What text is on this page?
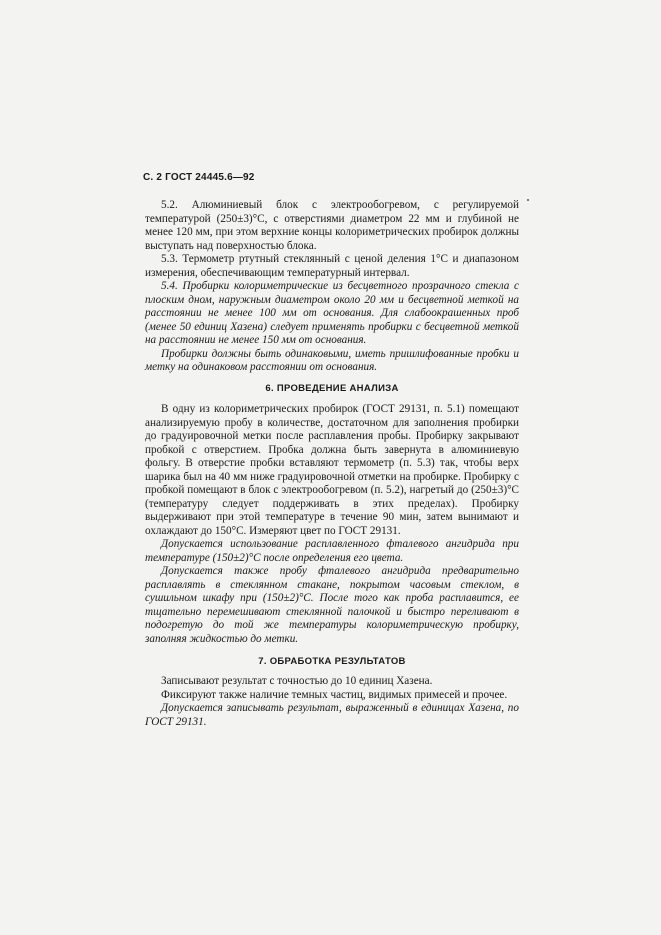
С. 2 ГОСТ 24445.6—92

5.2. Алюминиевый блок с электрообогревом, с регулируемой температурой (250±3)°С, с отверстиями диаметром 22 мм и глубиной не менее 120 мм, при этом верхние концы колориметрических пробирок должны выступать над поверхностью блока.

5.3. Термометр ртутный стеклянный с ценой деления 1°С и диапазоном измерения, обеспечивающим температурный интервал.

5.4. Пробирки колориметрические из бесцветного прозрачного стекла с плоским дном, наружным диаметром около 20 мм и бесцветной меткой на расстоянии не менее 100 мм от основания. Для слабоокрашенных проб (менее 50 единиц Хазена) следует применять пробирки с бесцветной меткой на расстоянии не менее 150 мм от основания.

Пробирки должны быть одинаковыми, иметь пришлифованные пробки и метку на одинаковом расстоянии от основания.

6. ПРОВЕДЕНИЕ АНАЛИЗА

В одну из колориметрических пробирок (ГОСТ 29131, п. 5.1) помещают анализируемую пробу в количестве, достаточном для заполнения пробирки до градуировочной метки после расплавления пробы. Пробирку закрывают пробкой с отверстием. Пробка должна быть завернута в алюминиевую фольгу. В отверстие пробки вставляют термометр (п. 5.3) так, чтобы верх шарика был на 40 мм ниже градуировочной отметки на пробирке. Пробирку с пробкой помещают в блок с электрообогревом (п. 5.2), нагретый до (250±3)°С (температуру следует поддерживать в этих пределах). Пробирку выдерживают при этой температуре в течение 90 мин, затем вынимают и охлаждают до 150°С. Измеряют цвет по ГОСТ 29131.

Допускается использование расплавленного фталевого ангидрида при температуре (150±2)°С после определения его цвета.

Допускается также пробу фталевого ангидрида предварительно расплавлять в стеклянном стакане, покрытом часовым стеклом, в сушильном шкафу при (150±2)°С. После того как проба расплавится, ее тщательно перемешивают стеклянной палочкой и быстро переливают в подогретую до той же температуры колориметрическую пробирку, заполняя жидкостью до метки.

7. ОБРАБОТКА РЕЗУЛЬТАТОВ

Записывают результат с точностью до 10 единиц Хазена.

Фиксируют также наличие темных частиц, видимых примесей и прочее.

Допускается записывать результат, выраженный в единицах Хазена, по ГОСТ 29131.
